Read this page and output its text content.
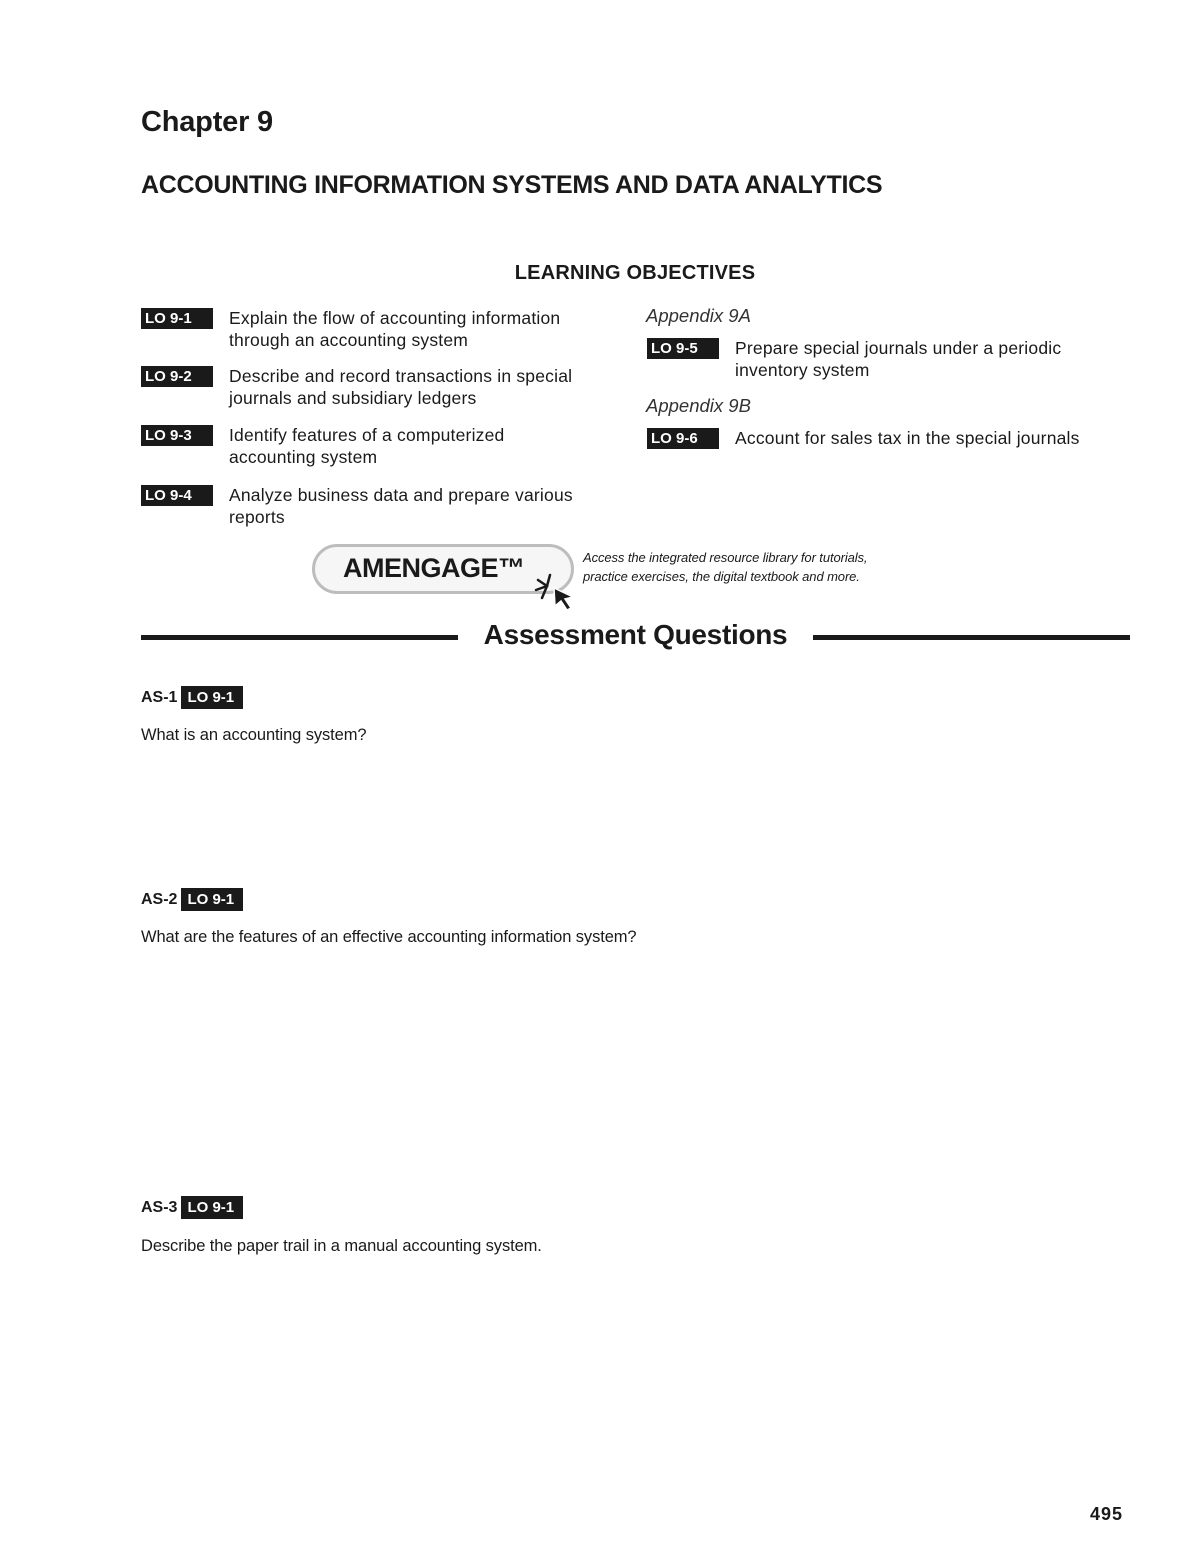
Chapter 9
ACCOUNTING INFORMATION SYSTEMS AND DATA ANALYTICS
LEARNING OBJECTIVES
LO 9-1	Explain the flow of accounting information
through an accounting system
LO 9-2	Describe and record transactions in special
journals and subsidiary ledgers
LO 9-3	Identify features of a computerized
accounting system
LO 9-4	Analyze business data and prepare various
reports
Appendix 9A
LO 9-5	Prepare special journals under a periodic
inventory system
Appendix 9B
LO 9-6	Account for sales tax in the special journals
AMENGAGE™	Access the integrated resource library for tutorials,
practice exercises, the digital textbook and more.
Assessment Questions
AS-1 LO 9-1
What is an accounting system?
AS-2 LO 9-1
What are the features of an effective accounting information system?
AS-3 LO 9-1
Describe the paper trail in a manual accounting system.
495
